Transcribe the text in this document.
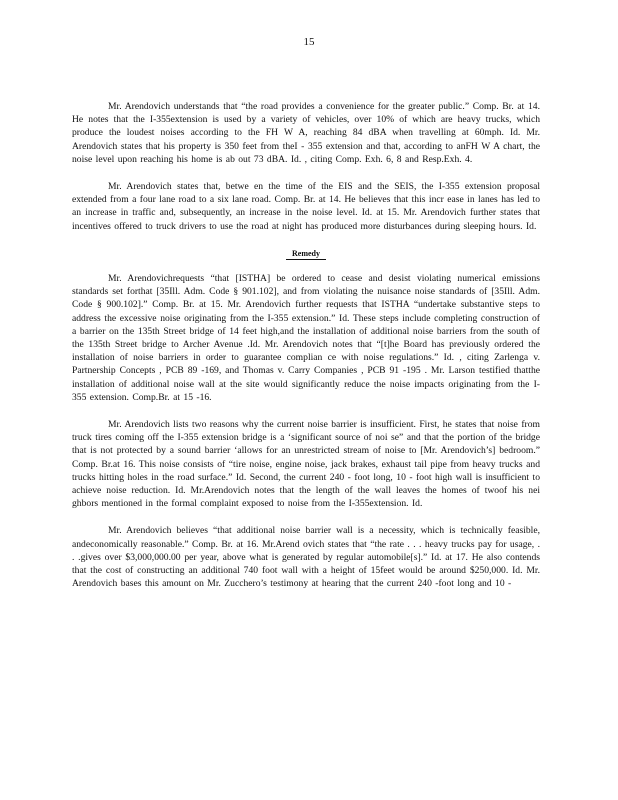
15

Mr. Arendovich understands that “the road provides a convenience for the greater public.” Comp. Br. at 14. He notes that the I-355extension is used by a variety of vehicles, over 10% of which are heavy trucks, which produce the loudest noises according to the FH W A, reaching 84 dBA when travelling at 60mph. Id. Mr. Arendovich states that his property is 350 feet from theI - 355 extension and that, according to anFH W A chart, the noise level upon reaching his home is ab out 73 dBA. Id. , citing Comp. Exh. 6, 8 and Resp.Exh. 4.

Mr. Arendovich states that, betwe en the time of the EIS and the SEIS, the I-355 extension proposal extended from a four lane road to a six lane road. Comp. Br. at 14. He believes that this incr ease in lanes has led to an increase in traffic and, subsequently, an increase in the noise level. Id. at 15. Mr. Arendovich further states that incentives offered to truck drivers to use the road at night has produced more disturbances during sleeping hours. Id.

Remedy

Mr. Arendovichrequests “that [ISTHA] be ordered to cease and desist violating numerical emissions standards set forthat [35Ill. Adm. Code § 901.102], and from violating the nuisance noise standards of [35Ill. Adm. Code § 900.102].” Comp. Br. at 15. Mr. Arendovich further requests that ISTHA “undertake substantive steps to address the excessive noise originating from the I-355 extension.” Id. These steps include completing construction of a barrier on the 135th Street bridge of 14 feet high,and the installation of additional noise barriers from the south of the 135th Street bridge to Archer Avenue .Id. Mr. Arendovich notes that “[t]he Board has previously ordered the installation of noise barriers in order to guarantee complian ce with noise regulations.” Id. , citing Zarlenga v. Partnership Concepts , PCB 89 -169, and Thomas v. Carry Companies , PCB 91 -195 . Mr. Larson testified thatthe installation of additional noise wall at the site would significantly reduce the noise impacts originating from the I-355 extension. Comp.Br. at 15 -16.

Mr. Arendovich lists two reasons why the current noise barrier is insufficient. First, he states that noise from truck tires coming off the I-355 extension bridge is a ‘significant source of noi se” and that the portion of the bridge that is not protected by a sound barrier ‘allows for an unrestricted stream of noise to [Mr. Arendovich’s] bedroom.” Comp. Br.at 16. This noise consists of “tire noise, engine noise, jack brakes, exhaust tail pipe from heavy trucks and trucks hitting holes in the road surface.” Id. Second, the current 240 - foot long, 10 - foot high wall is insufficient to achieve noise reduction. Id. Mr.Arendovich notes that the length of the wall leaves the homes of twoof his nei ghbors mentioned in the formal complaint exposed to noise from the I-355extension. Id.

Mr. Arendovich believes “that additional noise barrier wall is a necessity, which is technically feasible, andeconomically reasonable.” Comp. Br. at 16. Mr.Arend ovich states that “the rate . . . heavy trucks pay for usage, . . .gives over $3,000,000.00 per year, above what is generated by regular automobile[s].” Id. at 17. He also contends that the cost of constructing an additional 740 foot wall with a height of 15feet would be around $250,000. Id. Mr. Arendovich bases this amount on Mr. Zucchero’s testimony at hearing that the current 240 -foot long and 10 -
